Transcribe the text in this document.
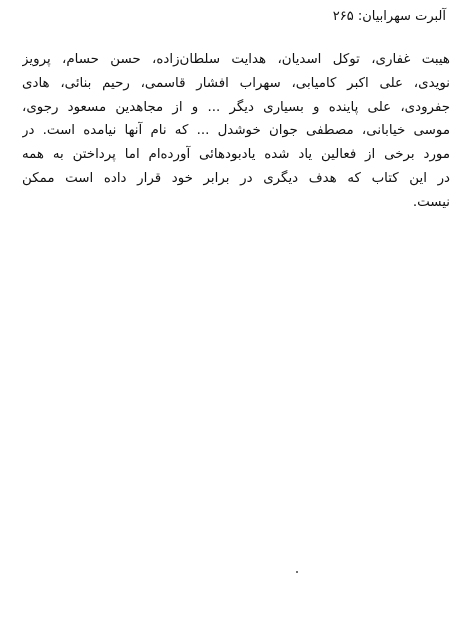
آلبرت سهرابیان: ۲۶۵
هیبت غفاری، توکل اسدیان، هدایت سلطان‌زاده، حسن حسام، پرویز
نویدی، علی اکبر کامیابی، سهراب افشار قاسمی، رحیم بنائی، هادی
جفرودی، علی پاینده و بسیاری دیگر ... و از مجاهدین مسعود رجوی،
موسی خیابانی، مصطفی جوان خوشدل ... که نام آنها نیامده است. در
مورد برخی از فعالین یاد شده یادبودهائی آورده‌ام اما پرداختن به همه
در این کتاب که هدف دیگری در برابر خود قرار داده است ممکن
نیست.
